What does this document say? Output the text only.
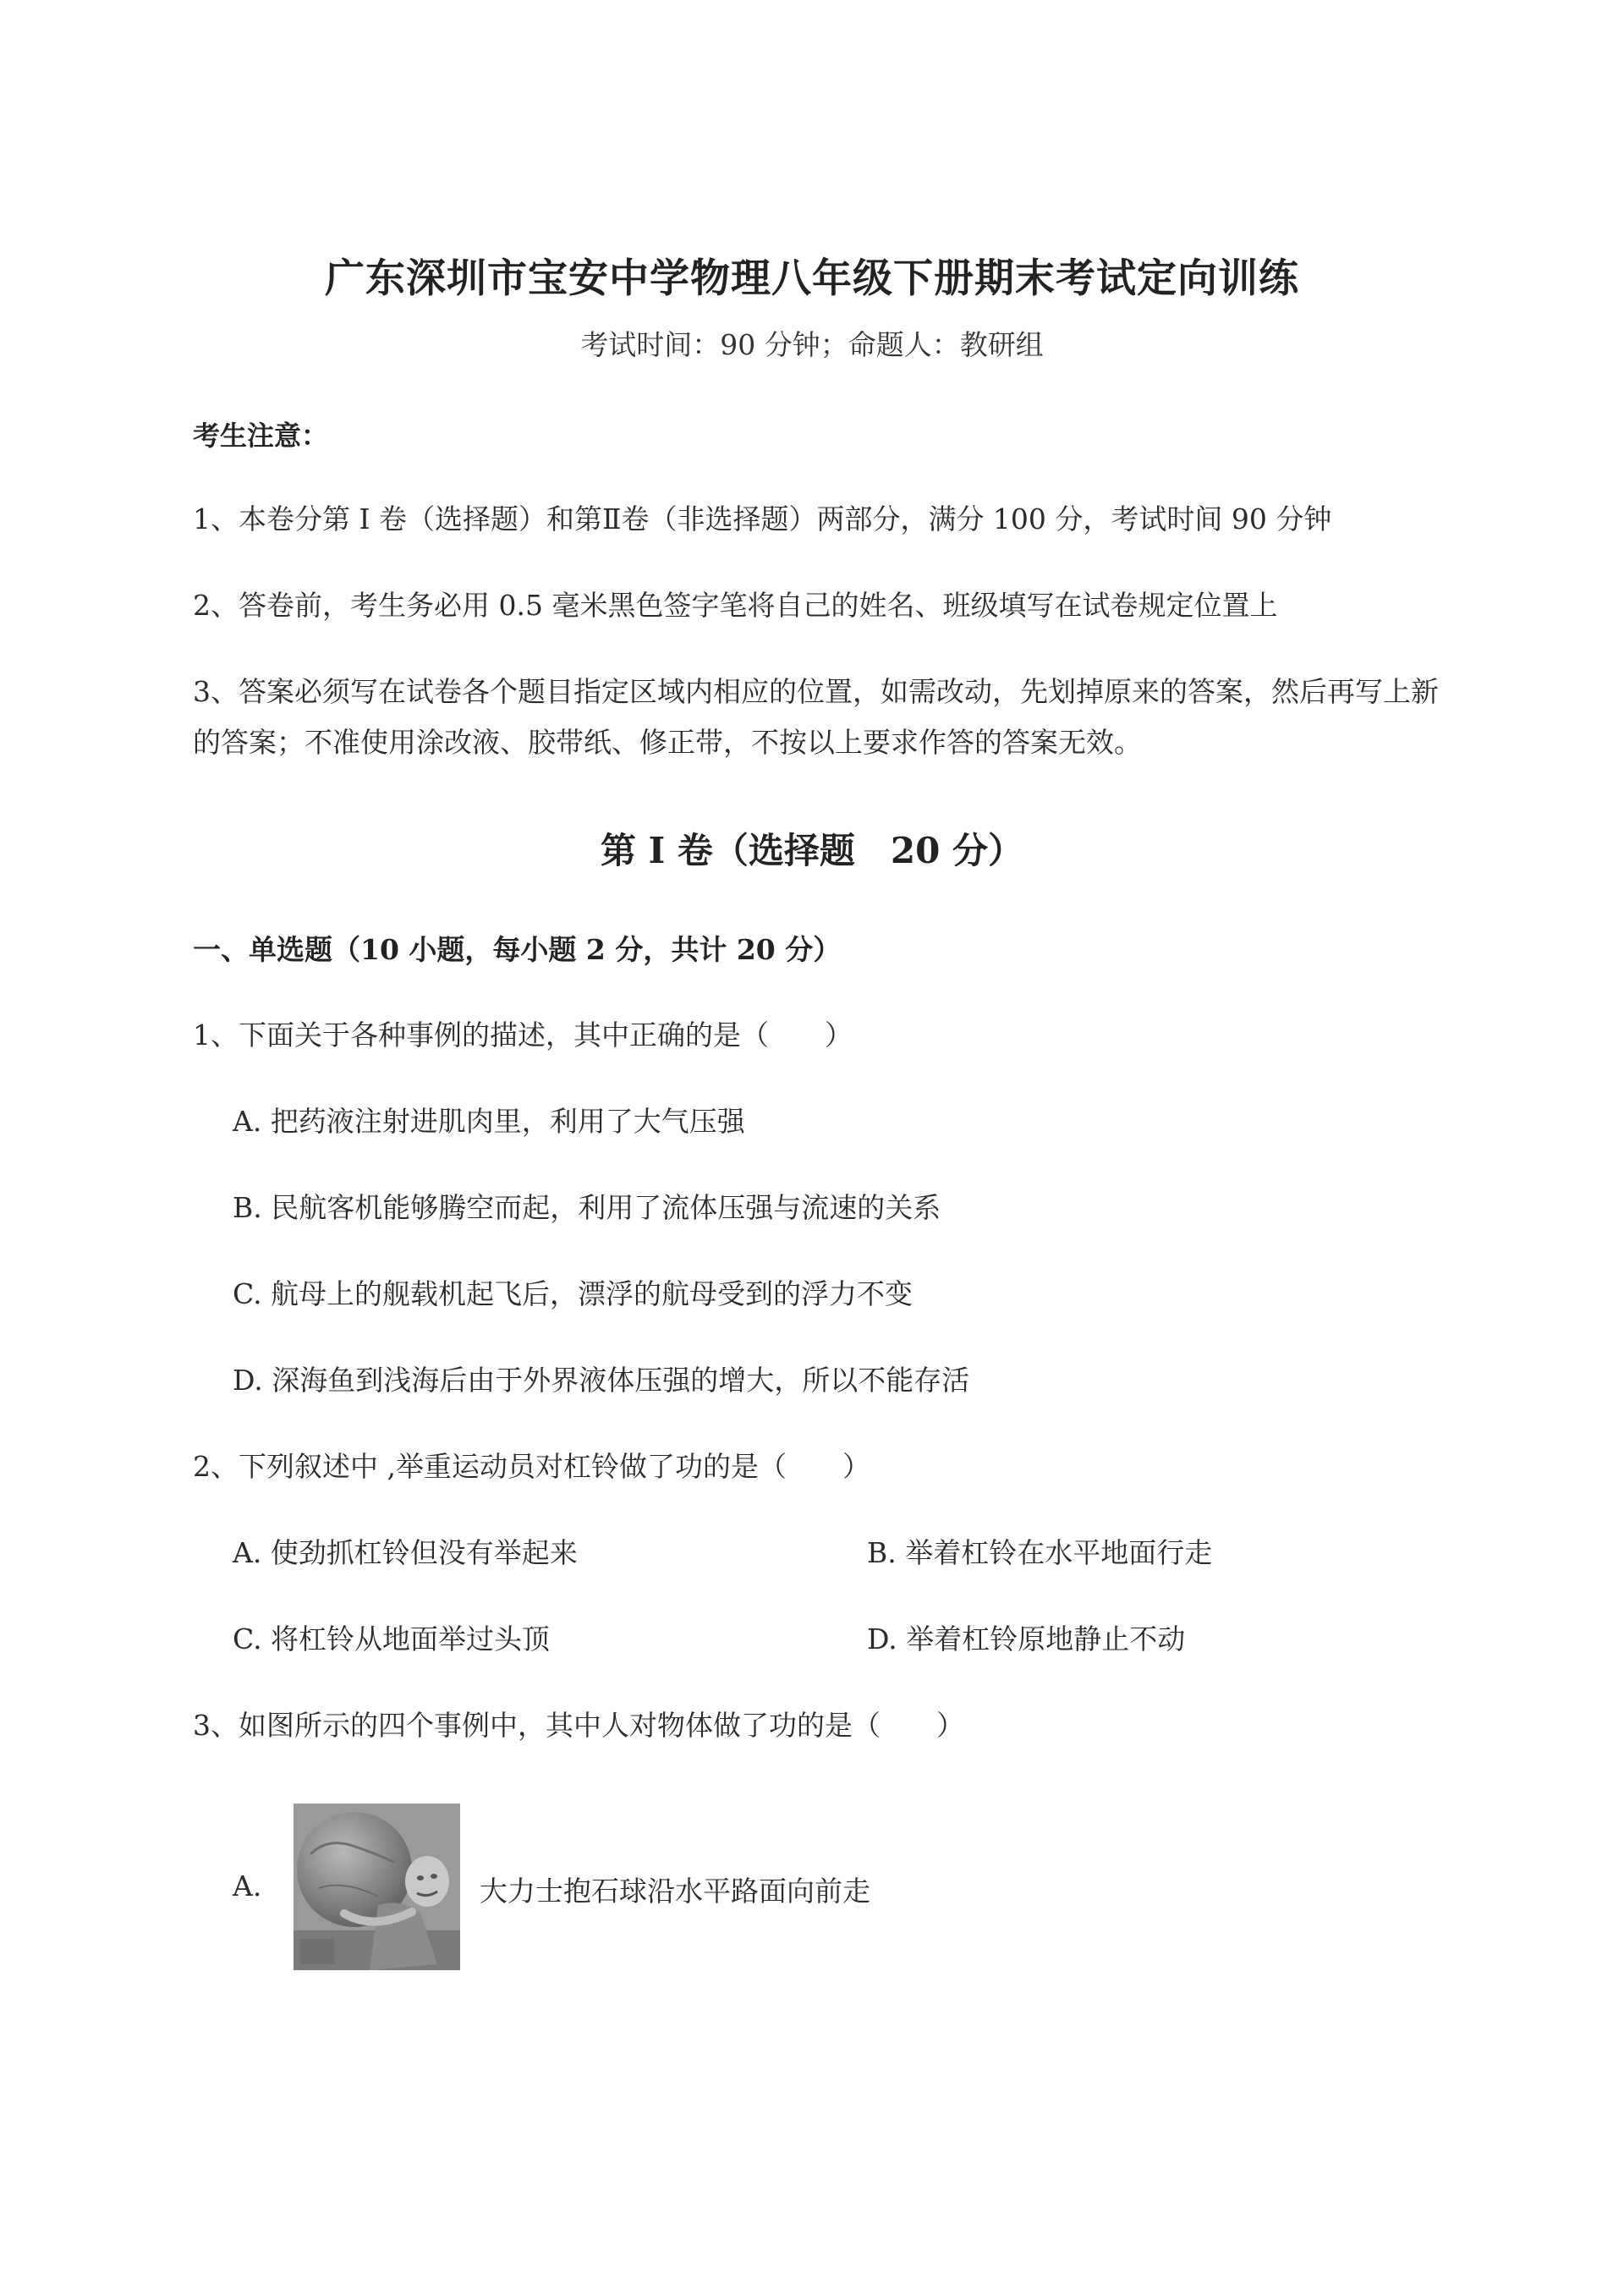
广东深圳市宝安中学物理八年级下册期末考试定向训练
考试时间：90 分钟；命题人：教研组
考生注意：
1、本卷分第 I 卷（选择题）和第Ⅱ卷（非选择题）两部分，满分 100 分，考试时间 90 分钟
2、答卷前，考生务必用 0.5 毫米黑色签字笔将自己的姓名、班级填写在试卷规定位置上
3、答案必须写在试卷各个题目指定区域内相应的位置，如需改动，先划掉原来的答案，然后再写上新
的答案；不准使用涂改液、胶带纸、修正带，不按以上要求作答的答案无效。
第 I 卷（选择题　20 分）
一、单选题（10 小题，每小题 2 分，共计 20 分）
1、下面关于各种事例的描述，其中正确的是（　　）
A. 把药液注射进肌肉里，利用了大气压强
B. 民航客机能够腾空而起，利用了流体压强与流速的关系
C. 航母上的舰载机起飞后，漂浮的航母受到的浮力不变
D. 深海鱼到浅海后由于外界液体压强的增大，所以不能存活
2、下列叙述中 ,举重运动员对杠铃做了功的是（　　）
A. 使劲抓杠铃但没有举起来	B. 举着杠铃在水平地面行走
C. 将杠铃从地面举过头顶	D. 举着杠铃原地静止不动
3、如图所示的四个事例中，其中人对物体做了功的是（　　）
A.	大力士抱石球沿水平路面向前走
